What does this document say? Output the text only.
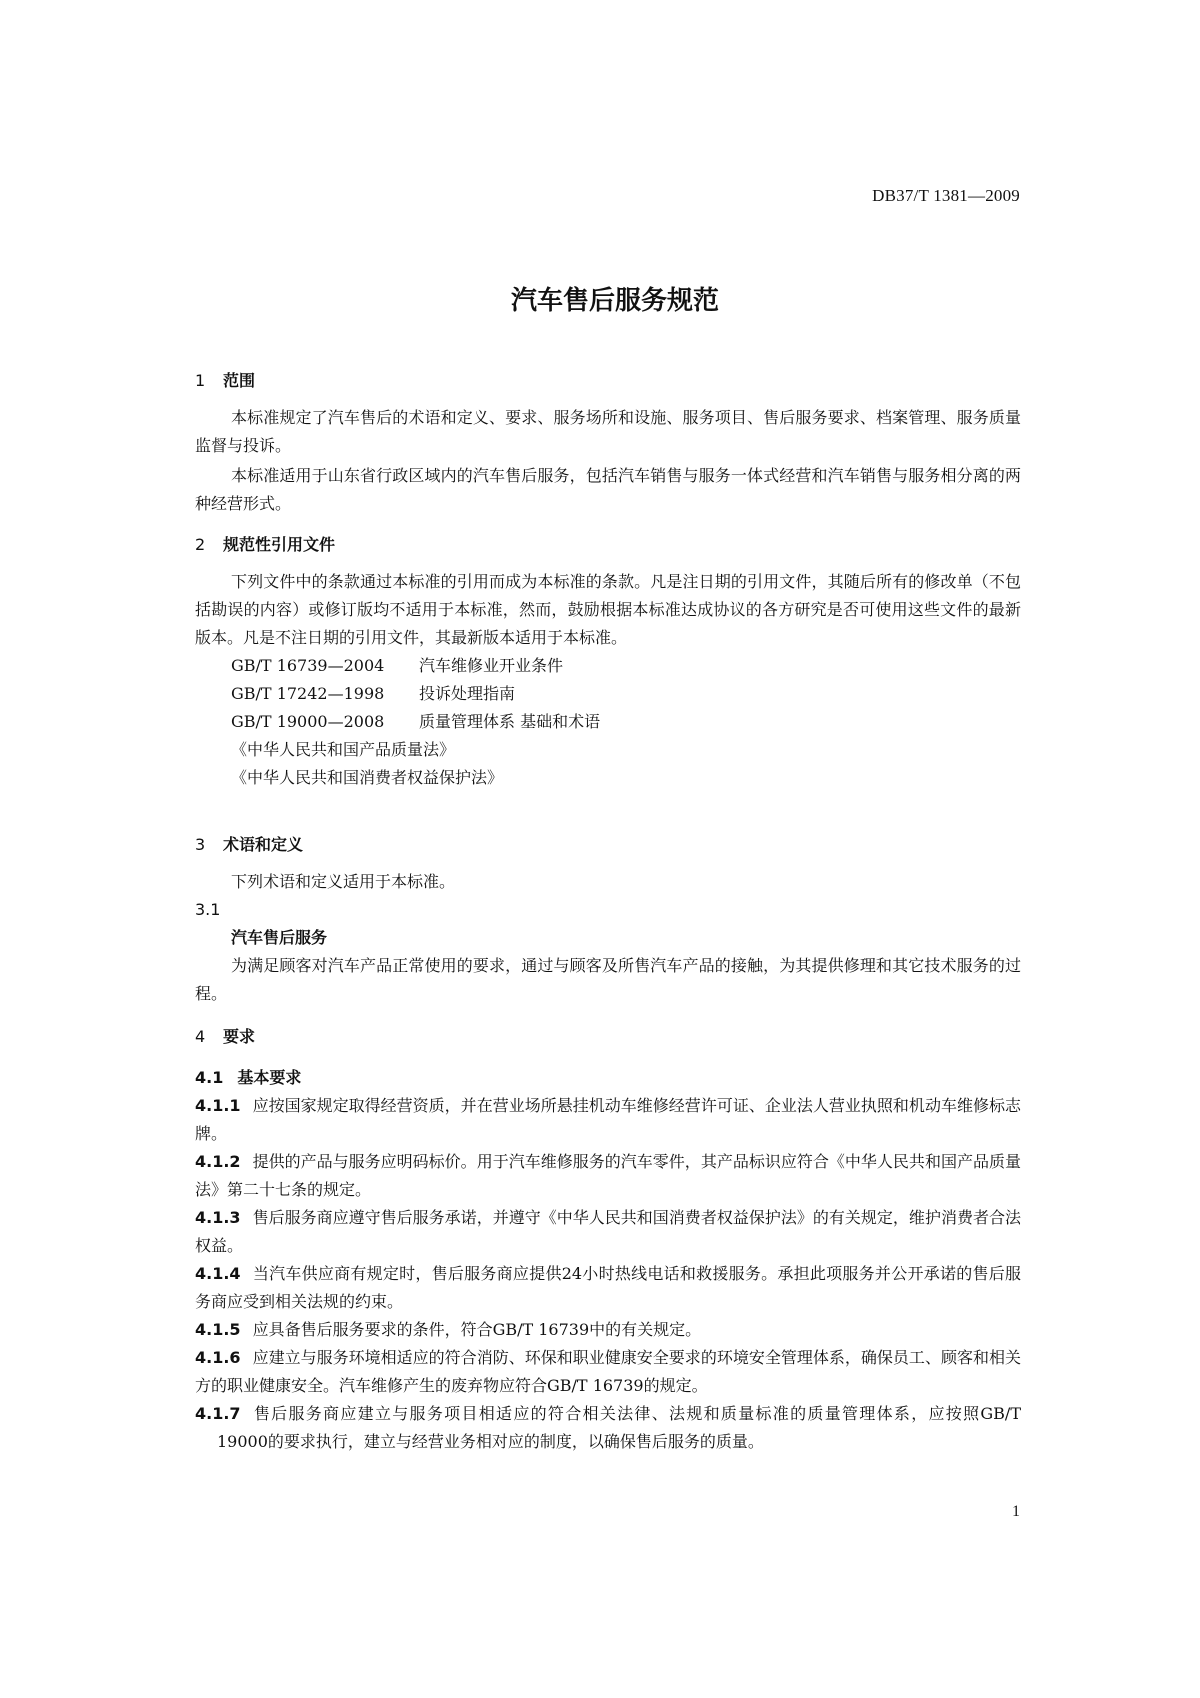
DB37/T 1381—2009
汽车售后服务规范

1 范围

本标准规定了汽车售后的术语和定义、要求、服务场所和设施、服务项目、售后服务要求、档案管理、服务质量监督与投诉。

本标准适用于山东省行政区域内的汽车售后服务，包括汽车销售与服务一体式经营和汽车销售与服务相分离的两种经营形式。

2 规范性引用文件

下列文件中的条款通过本标准的引用而成为本标准的条款。凡是注日期的引用文件，其随后所有的修改单（不包括勘误的内容）或修订版均不适用于本标准，然而，鼓励根据本标准达成协议的各方研究是否可使用这些文件的最新版本。凡是不注日期的引用文件，其最新版本适用于本标准。

GB/T 16739—2004 汽车维修业开业条件

GB/T 17242—1998 投诉处理指南

GB/T 19000—2008 质量管理体系 基础和术语

《中华人民共和国产品质量法》

《中华人民共和国消费者权益保护法》

3 术语和定义

下列术语和定义适用于本标准。

3.1

汽车售后服务

为满足顾客对汽车产品正常使用的要求，通过与顾客及所售汽车产品的接触，为其提供修理和其它技术服务的过程。

4 要求

4.1 基本要求

4.1.1 应按国家规定取得经营资质，并在营业场所悬挂机动车维修经营许可证、企业法人营业执照和机动车维修标志牌。

4.1.2 提供的产品与服务应明码标价。用于汽车维修服务的汽车零件，其产品标识应符合《中华人民共和国产品质量法》第二十七条的规定。

4.1.3 售后服务商应遵守售后服务承诺，并遵守《中华人民共和国消费者权益保护法》的有关规定，维护消费者合法权益。

4.1.4 当汽车供应商有规定时，售后服务商应提供24小时热线电话和救援服务。承担此项服务并公开承诺的售后服务商应受到相关法规的约束。

4.1.5 应具备售后服务要求的条件，符合GB/T 16739中的有关规定。

4.1.6 应建立与服务环境相适应的符合消防、环保和职业健康安全要求的环境安全管理体系，确保员工、顾客和相关方的职业健康安全。汽车维修产生的废弃物应符合GB/T 16739的规定。

4.1.7 售后服务商应建立与服务项目相适应的符合相关法律、法规和质量标准的质量管理体系，应按照GB/T 19000的要求执行，建立与经营业务相对应的制度，以确保售后服务的质量。

1
